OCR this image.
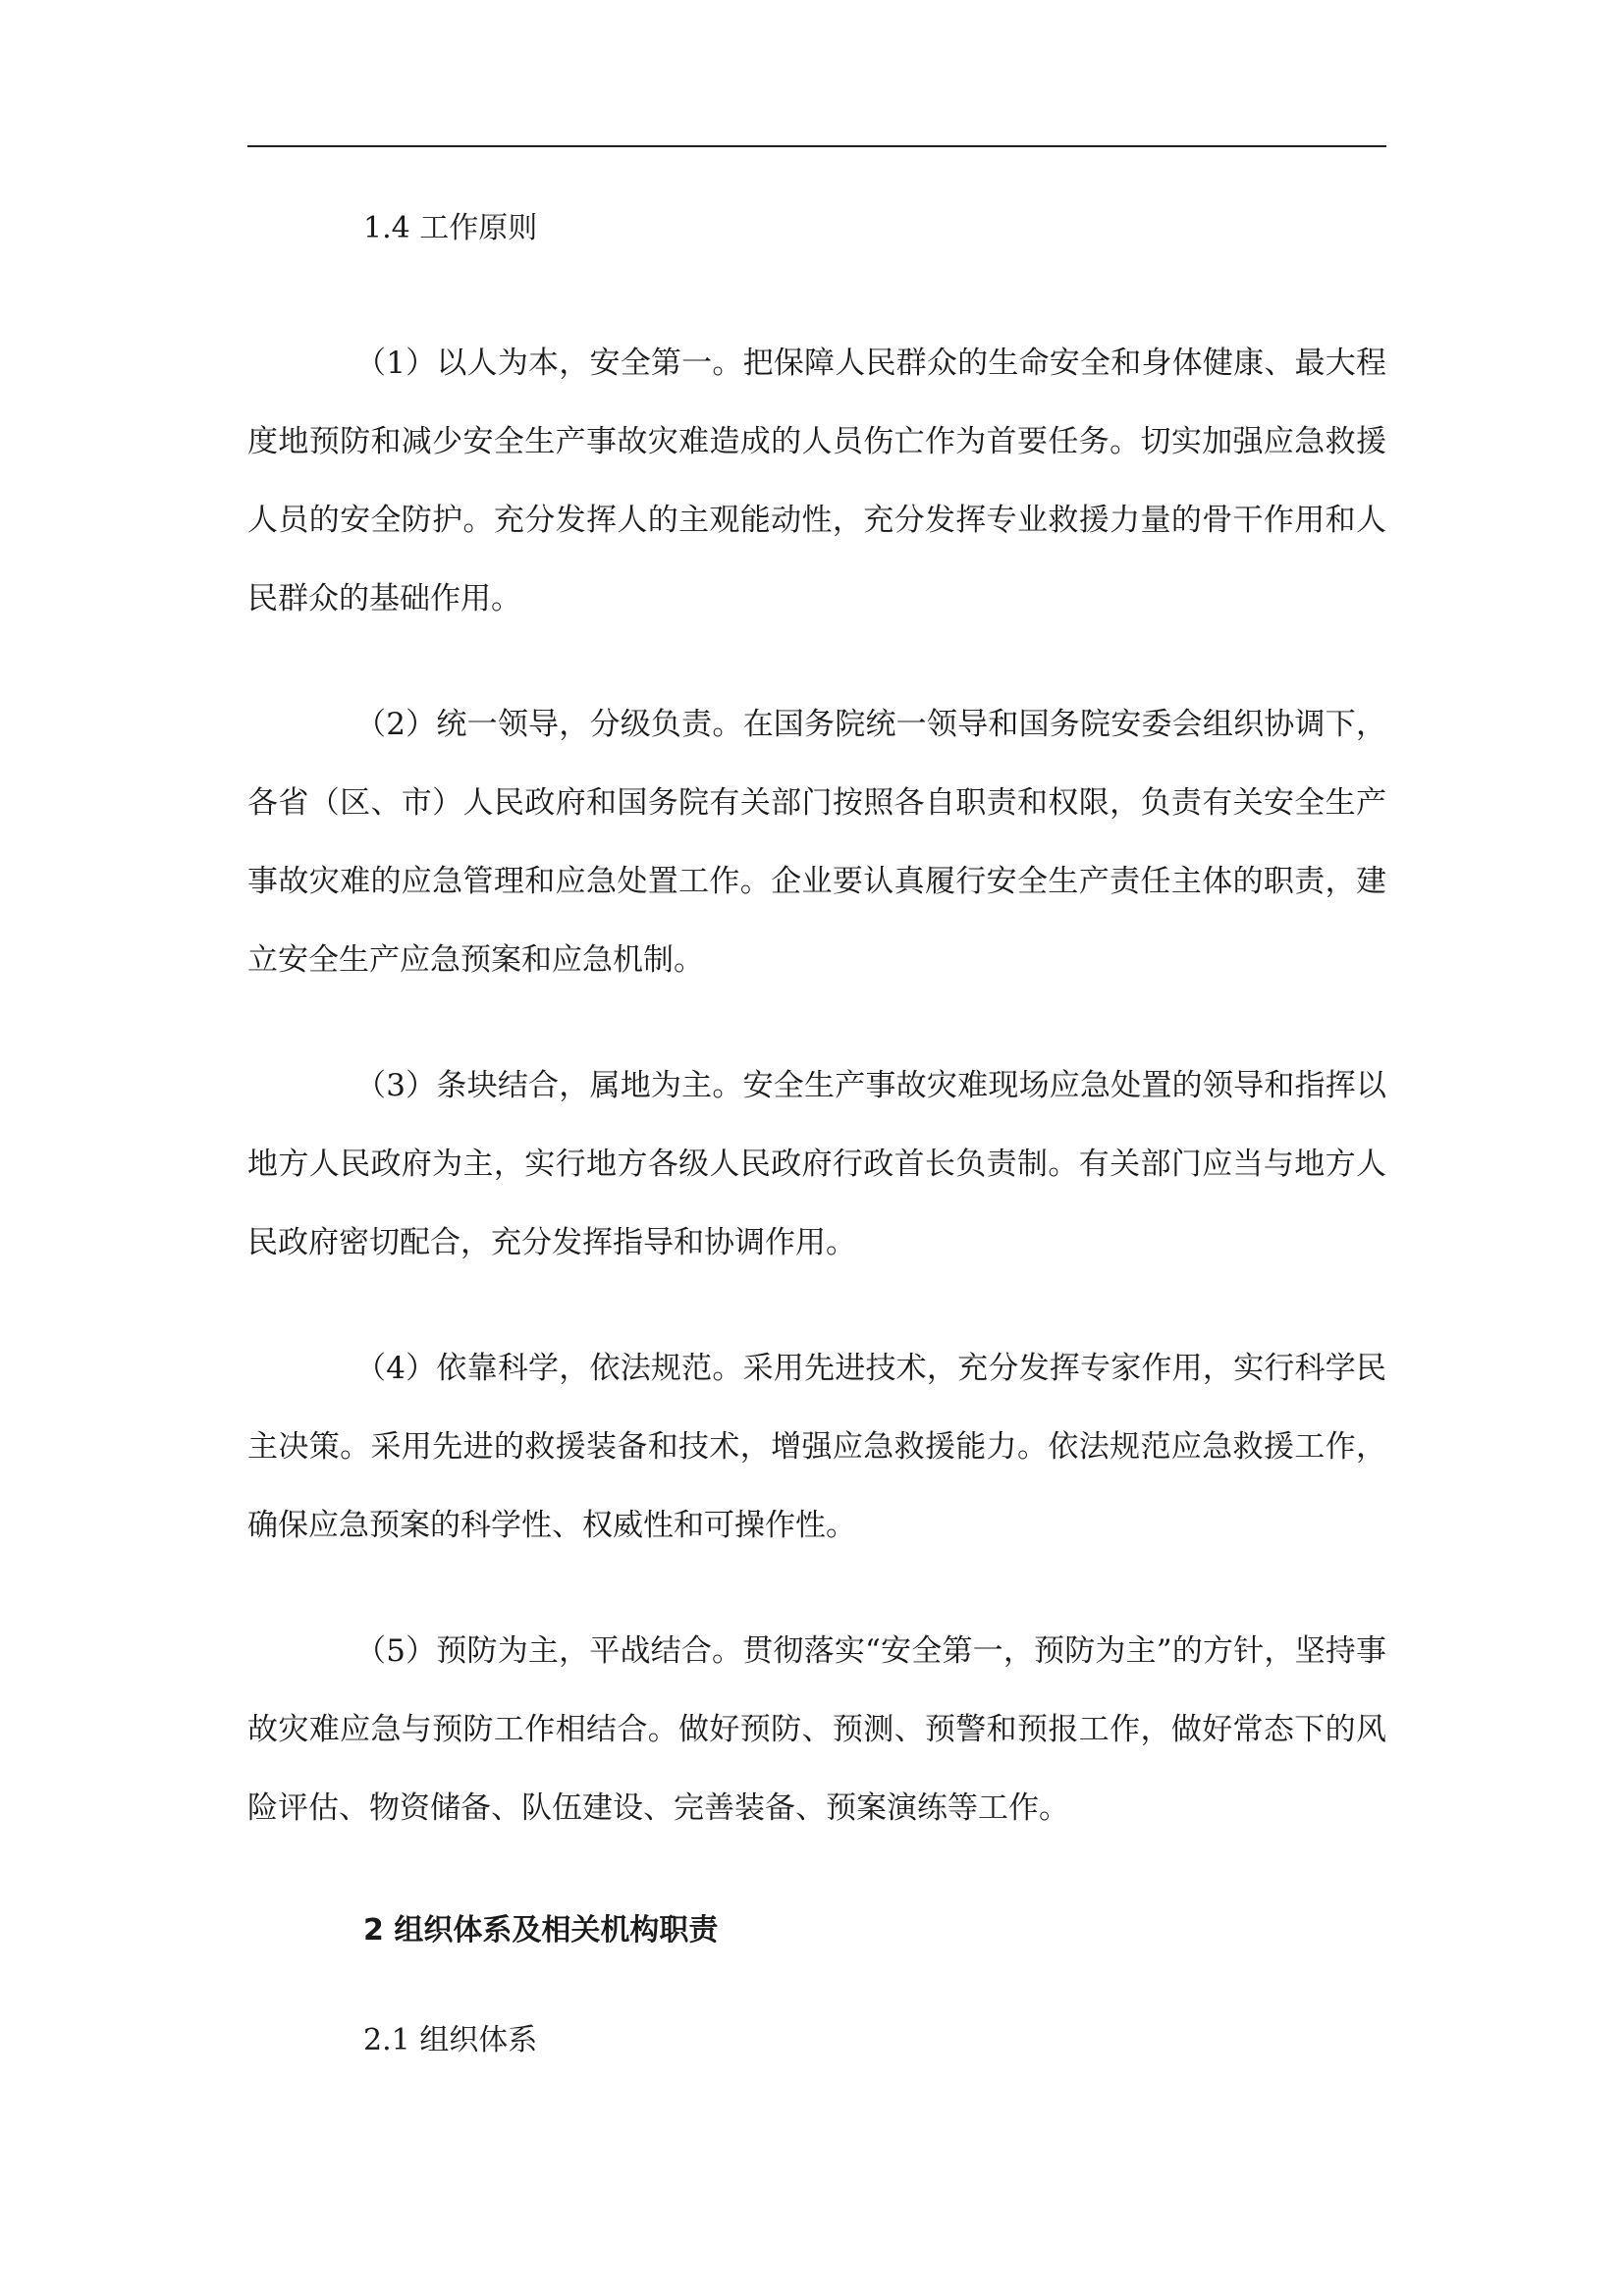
1.4 工作原则

（1）以人为本，安全第一。把保障人民群众的生命安全和身体健康、最大程度地预防和减少安全生产事故灾难造成的人员伤亡作为首要任务。切实加强应急救援人员的安全防护。充分发挥人的主观能动性，充分发挥专业救援力量的骨干作用和人民群众的基础作用。

（2）统一领导，分级负责。在国务院统一领导和国务院安委会组织协调下，各省（区、市）人民政府和国务院有关部门按照各自职责和权限，负责有关安全生产事故灾难的应急管理和应急处置工作。企业要认真履行安全生产责任主体的职责，建立安全生产应急预案和应急机制。

（3）条块结合，属地为主。安全生产事故灾难现场应急处置的领导和指挥以地方人民政府为主，实行地方各级人民政府行政首长负责制。有关部门应当与地方人民政府密切配合，充分发挥指导和协调作用。

（4）依靠科学，依法规范。采用先进技术，充分发挥专家作用，实行科学民主决策。采用先进的救援装备和技术，增强应急救援能力。依法规范应急救援工作，确保应急预案的科学性、权威性和可操作性。

（5）预防为主，平战结合。贯彻落实“安全第一，预防为主”的方针，坚持事故灾难应急与预防工作相结合。做好预防、预测、预警和预报工作，做好常态下的风险评估、物资储备、队伍建设、完善装备、预案演练等工作。

2 组织体系及相关机构职责

2.1 组织体系
